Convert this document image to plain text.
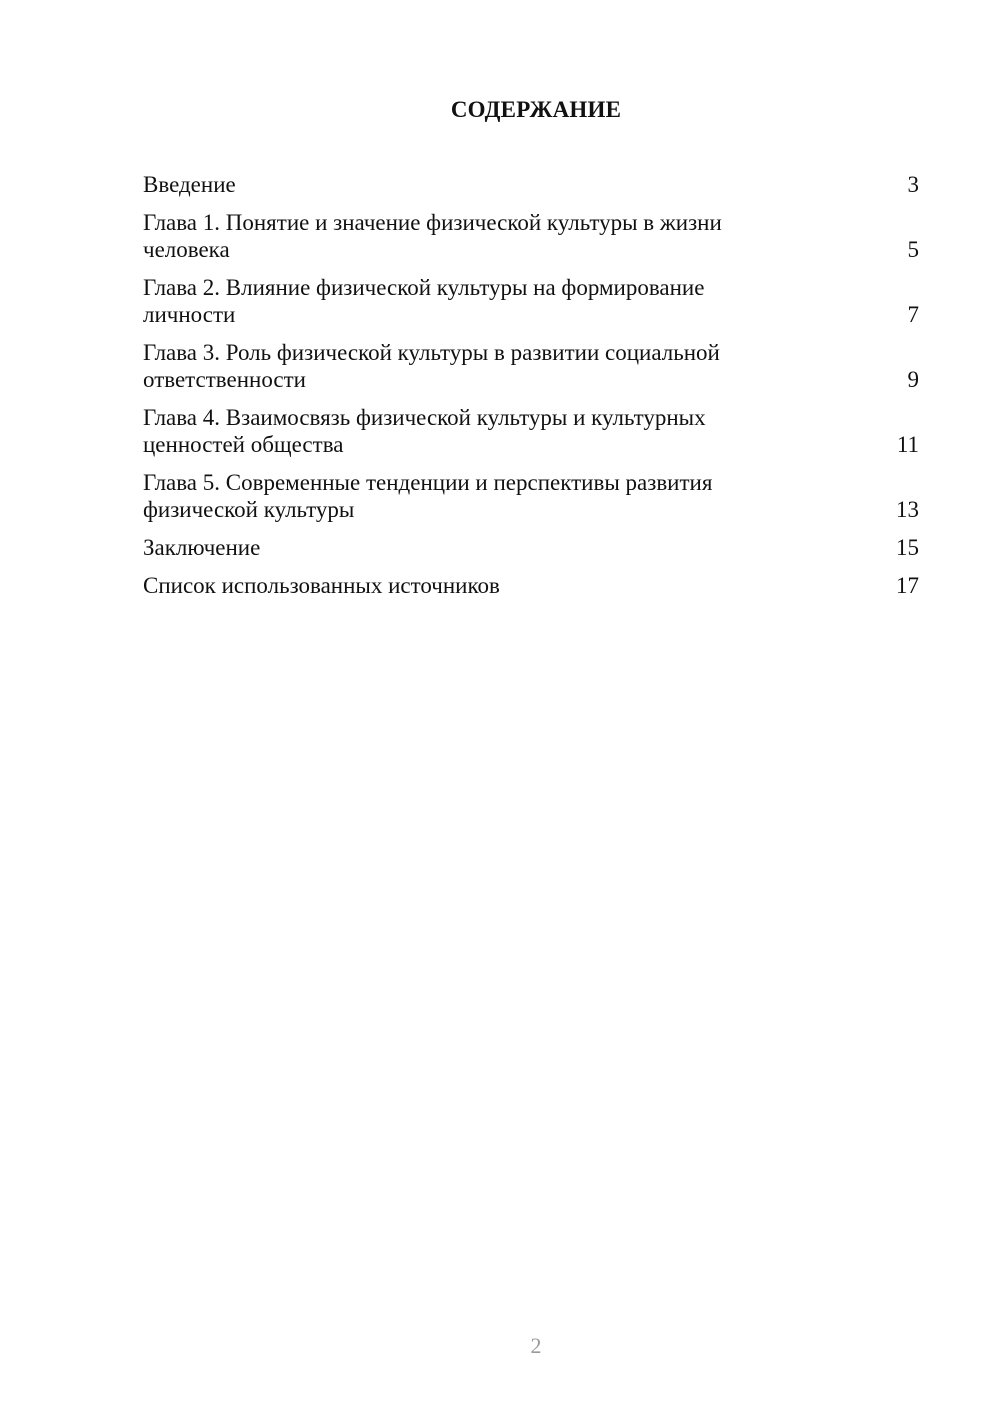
СОДЕРЖАНИЕ
Введение	3
Глава 1. Понятие и значение физической культуры в жизни человека	5
Глава 2. Влияние физической культуры на формирование личности	7
Глава 3. Роль физической культуры в развитии социальной ответственности	9
Глава 4. Взаимосвязь физической культуры и культурных ценностей общества	11
Глава 5. Современные тенденции и перспективы развития физической культуры	13
Заключение	15
Список использованных источников	17
2
